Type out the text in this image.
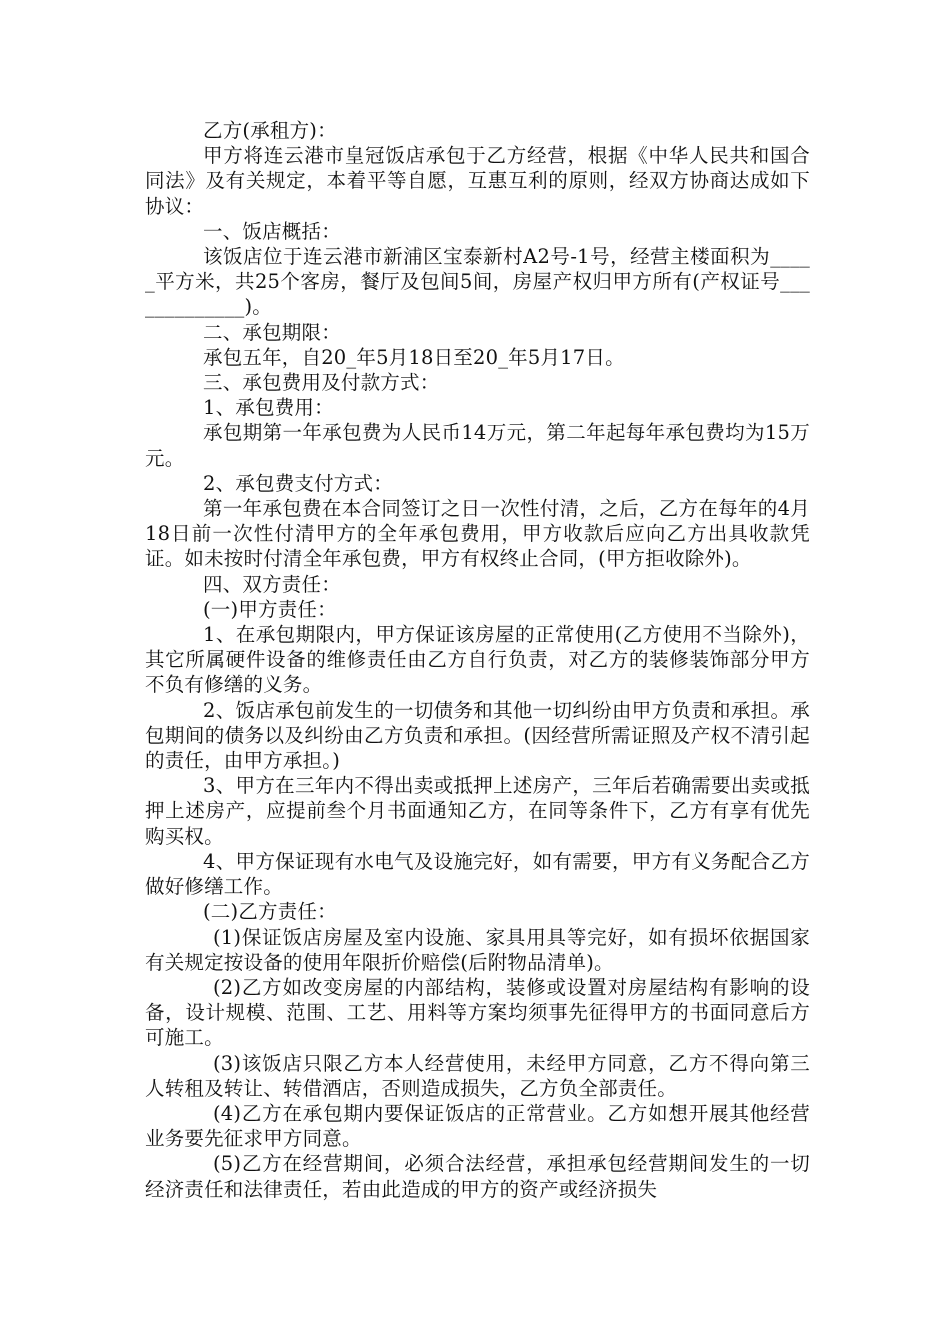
乙方(承租方)：

甲方将连云港市皇冠饭店承包于乙方经营，根据《中华人民共和国合同法》及有关规定，本着平等自愿，互惠互利的原则，经双方协商达成如下协议：

一、饭店概括：

该饭店位于连云港市新浦区宝泰新村A2号-1号，经营主楼面积为_____平方米，共25个客房，餐厅及包间5间，房屋产权归甲方所有(产权证号_____________)。

二、承包期限：

承包五年，自20_年5月18日至20_年5月17日。

三、承包费用及付款方式：

1、承包费用：

承包期第一年承包费为人民币14万元，第二年起每年承包费均为15万元。

2、承包费支付方式：

第一年承包费在本合同签订之日一次性付清，之后，乙方在每年的4月18日前一次性付清甲方的全年承包费用，甲方收款后应向乙方出具收款凭证。如未按时付清全年承包费，甲方有权终止合同，(甲方拒收除外)。

四、双方责任：

(一)甲方责任：

1、在承包期限内，甲方保证该房屋的正常使用(乙方使用不当除外)，其它所属硬件设备的维修责任由乙方自行负责，对乙方的装修装饰部分甲方不负有修缮的义务。

2、饭店承包前发生的一切债务和其他一切纠纷由甲方负责和承担。承包期间的债务以及纠纷由乙方负责和承担。(因经营所需证照及产权不清引起的责任，由甲方承担。)

3、甲方在三年内不得出卖或抵押上述房产，三年后若确需要出卖或抵押上述房产，应提前叁个月书面通知乙方，在同等条件下，乙方有享有优先购买权。

4、甲方保证现有水电气及设施完好，如有需要，甲方有义务配合乙方做好修缮工作。

(二)乙方责任：

(1)保证饭店房屋及室内设施、家具用具等完好，如有损坏依据国家有关规定按设备的使用年限折价赔偿(后附物品清单)。

(2)乙方如改变房屋的内部结构，装修或设置对房屋结构有影响的设备，设计规模、范围、工艺、用料等方案均须事先征得甲方的书面同意后方可施工。

(3)该饭店只限乙方本人经营使用，未经甲方同意，乙方不得向第三人转租及转让、转借酒店，否则造成损失，乙方负全部责任。

(4)乙方在承包期内要保证饭店的正常营业。乙方如想开展其他经营业务要先征求甲方同意。

(5)乙方在经营期间，必须合法经营，承担承包经营期间发生的一切经济责任和法律责任，若由此造成的甲方的资产或经济损失
